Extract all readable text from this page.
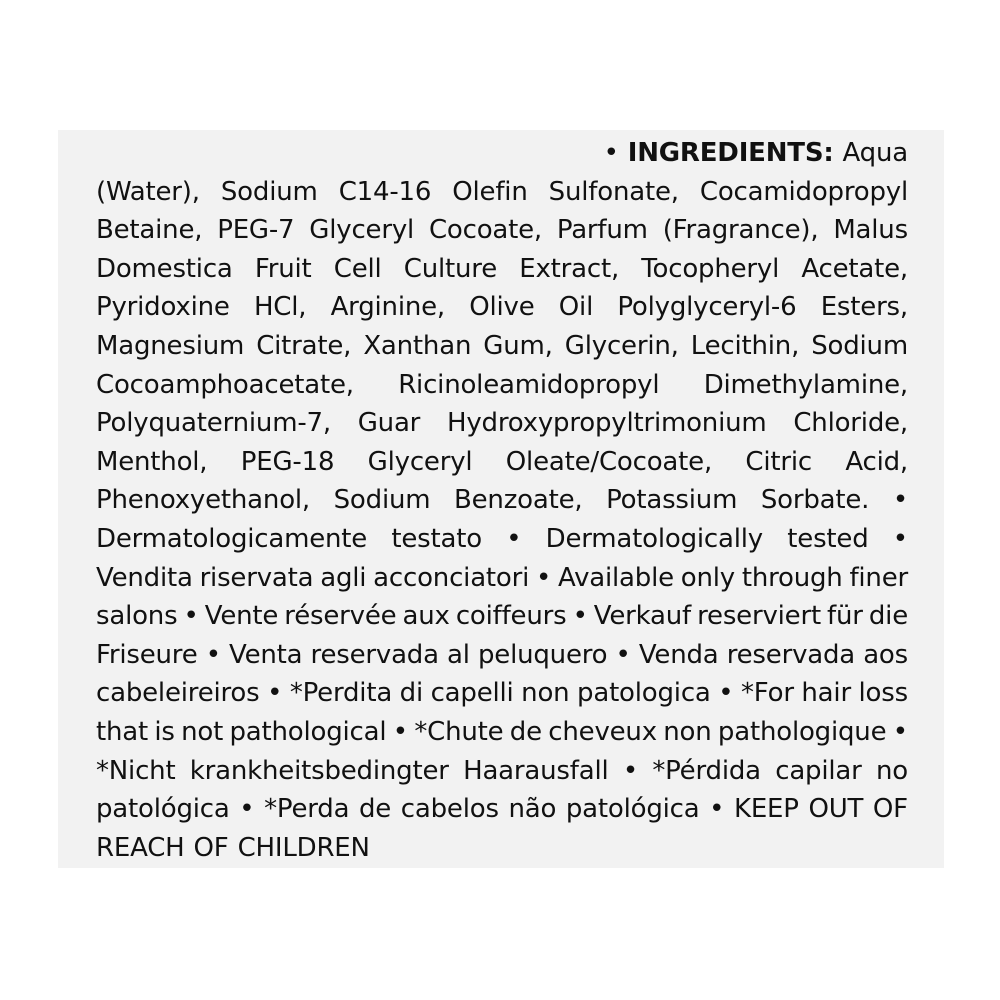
• INGREDIENTS: Aqua
(Water), Sodium C14-16 Olefin Sulfonate, Cocamidopropyl
Betaine, PEG-7 Glyceryl Cocoate, Parfum (Fragrance), Malus
Domestica Fruit Cell Culture Extract, Tocopheryl Acetate,
Pyridoxine HCl, Arginine, Olive Oil Polyglyceryl-6 Esters,
Magnesium Citrate, Xanthan Gum, Glycerin, Lecithin, Sodium
Cocoamphoacetate, Ricinoleamidopropyl Dimethylamine,
Polyquaternium-7, Guar Hydroxypropyltrimonium Chloride,
Menthol, PEG-18 Glyceryl Oleate/Cocoate, Citric Acid,
Phenoxyethanol, Sodium Benzoate, Potassium Sorbate. •
Dermatologicamente testato • Dermatologically tested •
Vendita riservata agli acconciatori • Available only through finer
salons • Vente réservée aux coiffeurs • Verkauf reserviert für die
Friseure • Venta reservada al peluquero • Venda reservada aos
cabeleireiros • *Perdita di capelli non patologica • *For hair loss
that is not pathological • *Chute de cheveux non pathologique •
*Nicht krankheitsbedingter Haarausfall • *Pérdida capilar no
patológica • *Perda de cabelos não patológica • KEEP OUT OF
REACH OF CHILDREN
